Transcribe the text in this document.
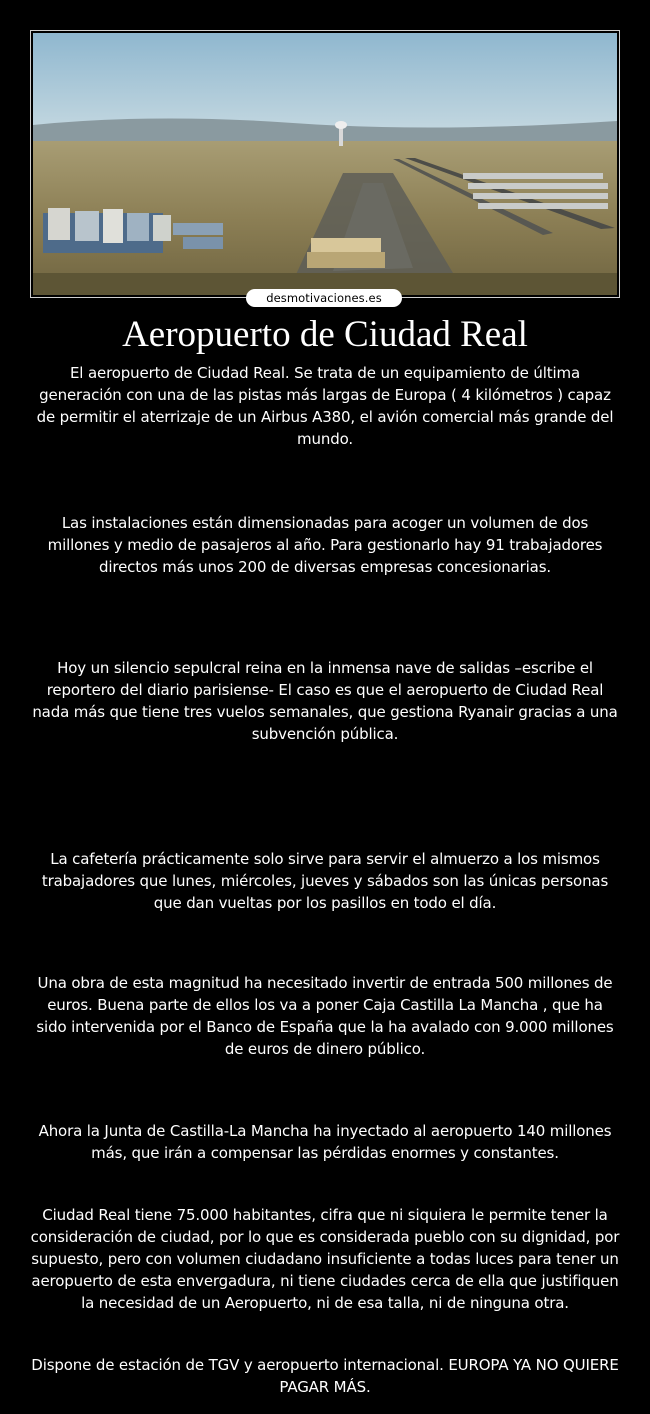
desmotivaciones.es
Aeropuerto de Ciudad Real
El aeropuerto de Ciudad Real. Se trata de un equipamiento de última generación con una de las pistas más largas de Europa ( 4 kilómetros ) capaz de permitir el aterrizaje de un Airbus A380, el avión comercial más grande del mundo.
Las instalaciones están dimensionadas para acoger un volumen de dos millones y medio de pasajeros al año. Para gestionarlo hay 91 trabajadores directos más unos 200 de diversas empresas concesionarias.
Hoy un silencio sepulcral reina en la inmensa nave de salidas –escribe el reportero del diario parisiense- El caso es que el aeropuerto de Ciudad Real nada más que tiene tres vuelos semanales, que gestiona Ryanair gracias a una subvención pública.
La cafetería prácticamente solo sirve para servir el almuerzo a los mismos trabajadores que lunes, miércoles, jueves y sábados son las únicas personas que dan vueltas por los pasillos en todo el día.
Una obra de esta magnitud ha necesitado invertir de entrada 500 millones de euros. Buena parte de ellos los va a poner Caja Castilla La Mancha , que ha sido intervenida por el Banco de España que la ha avalado con 9.000 millones de euros de dinero público.
Ahora la Junta de Castilla-La Mancha ha inyectado al aeropuerto 140 millones más, que irán a compensar las pérdidas enormes y constantes.
Ciudad Real tiene 75.000 habitantes, cifra que ni siquiera le permite tener la consideración de ciudad, por lo que es considerada pueblo con su dignidad, por supuesto, pero con volumen ciudadano insuficiente a todas luces para tener un aeropuerto de esta envergadura, ni tiene ciudades cerca de ella que justifiquen la necesidad de un Aeropuerto, ni de esa talla, ni de ninguna otra.
Dispone de estación de TGV y aeropuerto internacional. EUROPA YA NO QUIERE PAGAR MÁS.
